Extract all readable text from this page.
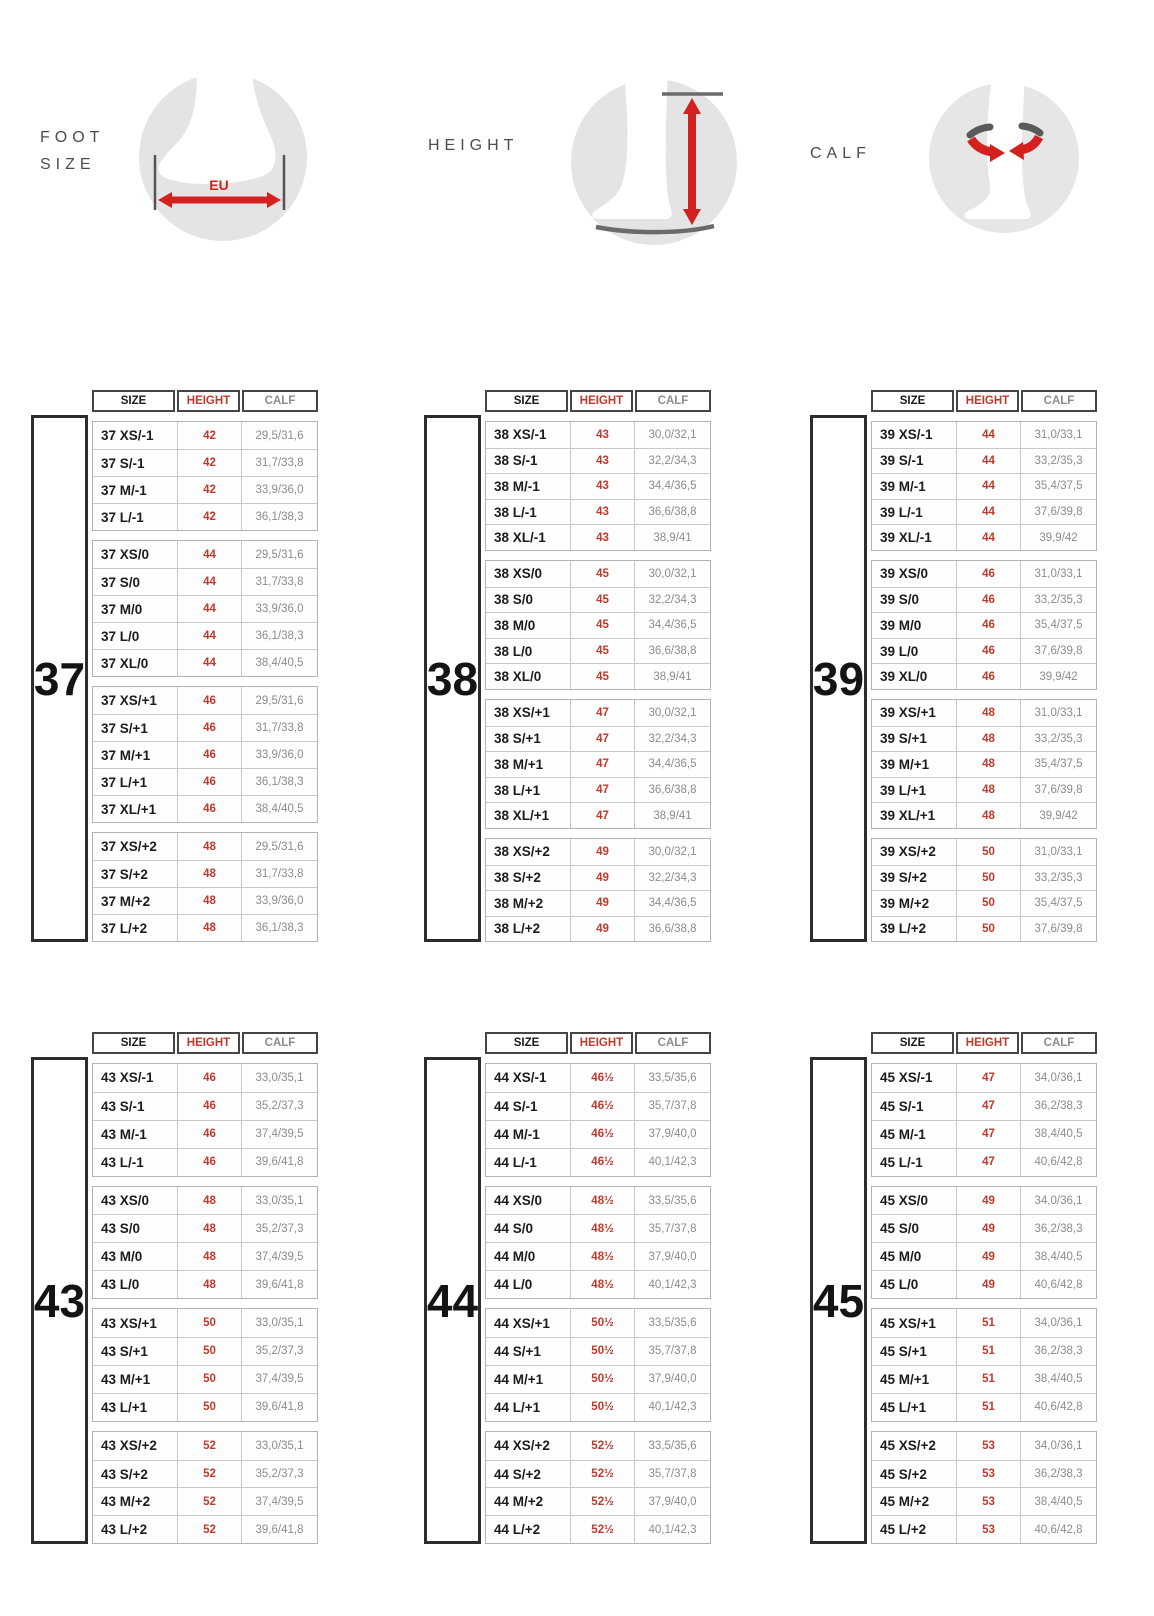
FOOT
SIZE
EU
HEIGHT	CALF
37
SIZE	HEIGHT	CALF
37 XS/-1	42	29,5/31,6
37 S/-1	42	31,7/33,8
37 M/-1	42	33,9/36,0
37 L/-1	42	36,1/38,3
37 XS/0	44	29,5/31,6
37 S/0	44	31,7/33,8
37 M/0	44	33,9/36,0
37 L/0	44	36,1/38,3
37 XL/0	44	38,4/40,5
37 XS/+1	46	29,5/31,6
37 S/+1	46	31,7/33,8
37 M/+1	46	33,9/36,0
37 L/+1	46	36,1/38,3
37 XL/+1	46	38,4/40,5
37 XS/+2	48	29,5/31,6
37 S/+2	48	31,7/33,8
37 M/+2	48	33,9/36,0
37 L/+2	48	36,1/38,3
38
SIZE	HEIGHT	CALF
38 XS/-1	43	30,0/32,1
38 S/-1	43	32,2/34,3
38 M/-1	43	34,4/36,5
38 L/-1	43	36,6/38,8
38 XL/-1	43	38,9/41
38 XS/0	45	30,0/32,1
38 S/0	45	32,2/34,3
38 M/0	45	34,4/36,5
38 L/0	45	36,6/38,8
38 XL/0	45	38,9/41
38 XS/+1	47	30,0/32,1
38 S/+1	47	32,2/34,3
38 M/+1	47	34,4/36,5
38 L/+1	47	36,6/38,8
38 XL/+1	47	38,9/41
38 XS/+2	49	30,0/32,1
38 S/+2	49	32,2/34,3
38 M/+2	49	34,4/36,5
38 L/+2	49	36,6/38,8
39
SIZE	HEIGHT	CALF
39 XS/-1	44	31,0/33,1
39 S/-1	44	33,2/35,3
39 M/-1	44	35,4/37,5
39 L/-1	44	37,6/39,8
39 XL/-1	44	39,9/42
39 XS/0	46	31,0/33,1
39 S/0	46	33,2/35,3
39 M/0	46	35,4/37,5
39 L/0	46	37,6/39,8
39 XL/0	46	39,9/42
39 XS/+1	48	31,0/33,1
39 S/+1	48	33,2/35,3
39 M/+1	48	35,4/37,5
39 L/+1	48	37,6/39,8
39 XL/+1	48	39,9/42
39 XS/+2	50	31,0/33,1
39 S/+2	50	33,2/35,3
39 M/+2	50	35,4/37,5
39 L/+2	50	37,6/39,8
43
SIZE	HEIGHT	CALF
43 XS/-1	46	33,0/35,1
43 S/-1	46	35,2/37,3
43 M/-1	46	37,4/39,5
43 L/-1	46	39,6/41,8
43 XS/0	48	33,0/35,1
43 S/0	48	35,2/37,3
43 M/0	48	37,4/39,5
43 L/0	48	39,6/41,8
43 XS/+1	50	33,0/35,1
43 S/+1	50	35,2/37,3
43 M/+1	50	37,4/39,5
43 L/+1	50	39,6/41,8
43 XS/+2	52	33,0/35,1
43 S/+2	52	35,2/37,3
43 M/+2	52	37,4/39,5
43 L/+2	52	39,6/41,8
44
SIZE	HEIGHT	CALF
44 XS/-1	46½	33,5/35,6
44 S/-1	46½	35,7/37,8
44 M/-1	46½	37,9/40,0
44 L/-1	46½	40,1/42,3
44 XS/0	48½	33,5/35,6
44 S/0	48½	35,7/37,8
44 M/0	48½	37,9/40,0
44 L/0	48½	40,1/42,3
44 XS/+1	50½	33,5/35,6
44 S/+1	50½	35,7/37,8
44 M/+1	50½	37,9/40,0
44 L/+1	50½	40,1/42,3
44 XS/+2	52½	33,5/35,6
44 S/+2	52½	35,7/37,8
44 M/+2	52½	37,9/40,0
44 L/+2	52½	40,1/42,3
45
SIZE	HEIGHT	CALF
45 XS/-1	47	34,0/36,1
45 S/-1	47	36,2/38,3
45 M/-1	47	38,4/40,5
45 L/-1	47	40,6/42,8
45 XS/0	49	34,0/36,1
45 S/0	49	36,2/38,3
45 M/0	49	38,4/40,5
45 L/0	49	40,6/42,8
45 XS/+1	51	34,0/36,1
45 S/+1	51	36,2/38,3
45 M/+1	51	38,4/40,5
45 L/+1	51	40,6/42,8
45 XS/+2	53	34,0/36,1
45 S/+2	53	36,2/38,3
45 M/+2	53	38,4/40,5
45 L/+2	53	40,6/42,8
